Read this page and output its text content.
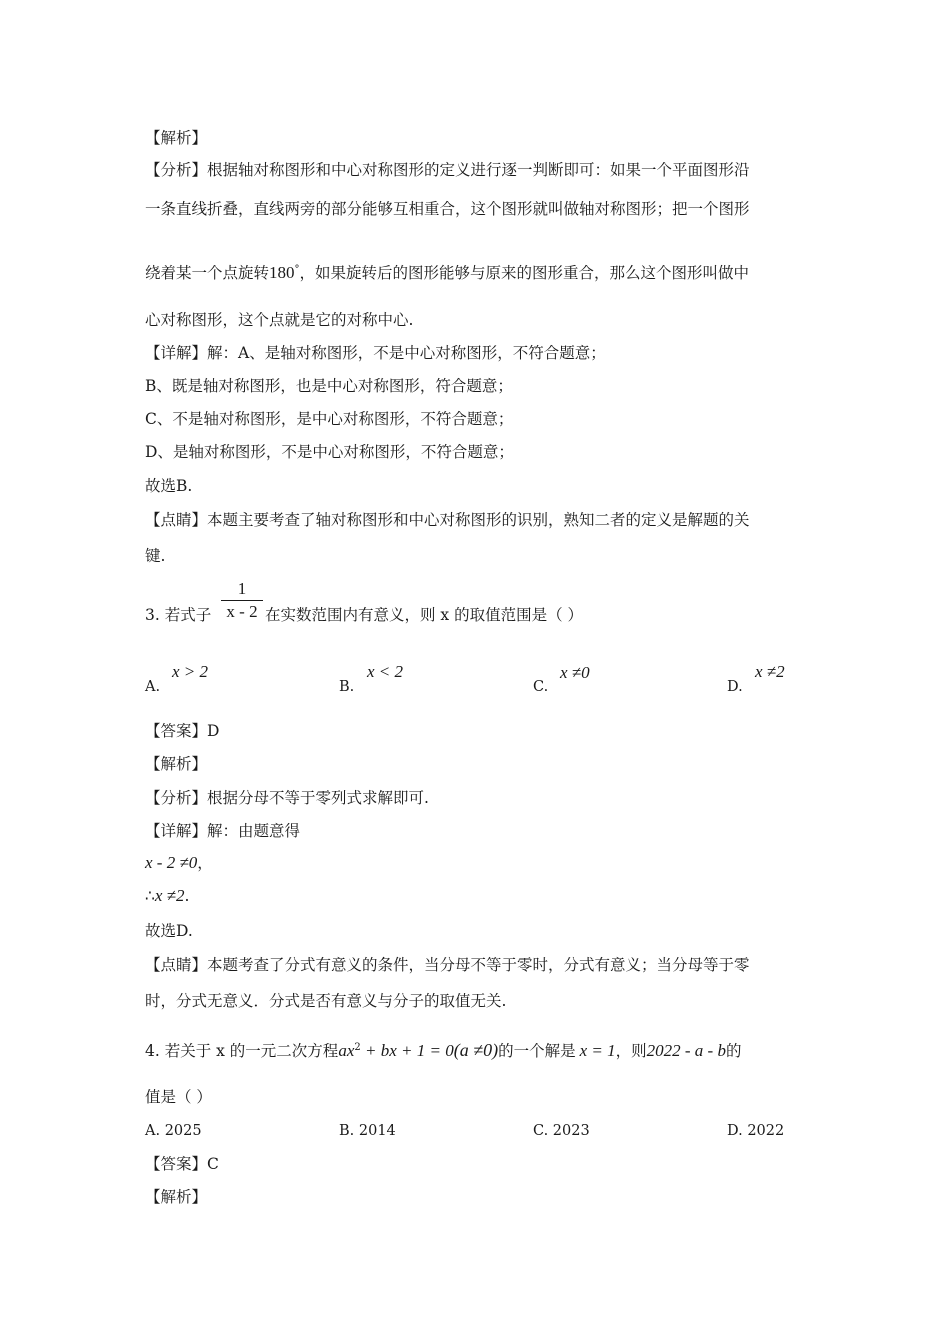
【解析】
【分析】根据轴对称图形和中心对称图形的定义进行逐一判断即可：如果一个平面图形沿
一条直线折叠，直线两旁的部分能够互相重合，这个图形就叫做轴对称图形；把一个图形
绕着某一个点旋转180°，如果旋转后的图形能够与原来的图形重合，那么这个图形叫做中
心对称图形，这个点就是它的对称中心.
【详解】解：A、是轴对称图形，不是中心对称图形，不符合题意；
B、既是轴对称图形，也是中心对称图形，符合题意；
C、不是轴对称图形，是中心对称图形，不符合题意；
D、是轴对称图形，不是中心对称图形，不符合题意；
故选B.
【点睛】本题主要考查了轴对称图形和中心对称图形的识别，熟知二者的定义是解题的关
键.
3. 若式子
1
x - 2 在实数范围内有意义，则 x 的取值范围是（ ）
A.
x > 2
B.
x < 2
C.
x ≠0
D.
x ≠2
【答案】D
【解析】
【分析】根据分母不等于零列式求解即可.
【详解】解：由题意得
x - 2 ≠0，
∴x ≠2.
故选D.
【点睛】本题考查了分式有意义的条件，当分母不等于零时，分式有意义；当分母等于零
时，分式无意义．分式是否有意义与分子的取值无关.
4. 若关于 x 的一元二次方程$ax^2$ + bx + 1 = 0(a ≠0)的一个解是 x = 1，则2022 - a - b的
值是（ ）
A. 2025	B. 2014	C. 2023	D. 2022
【答案】C
【解析】
